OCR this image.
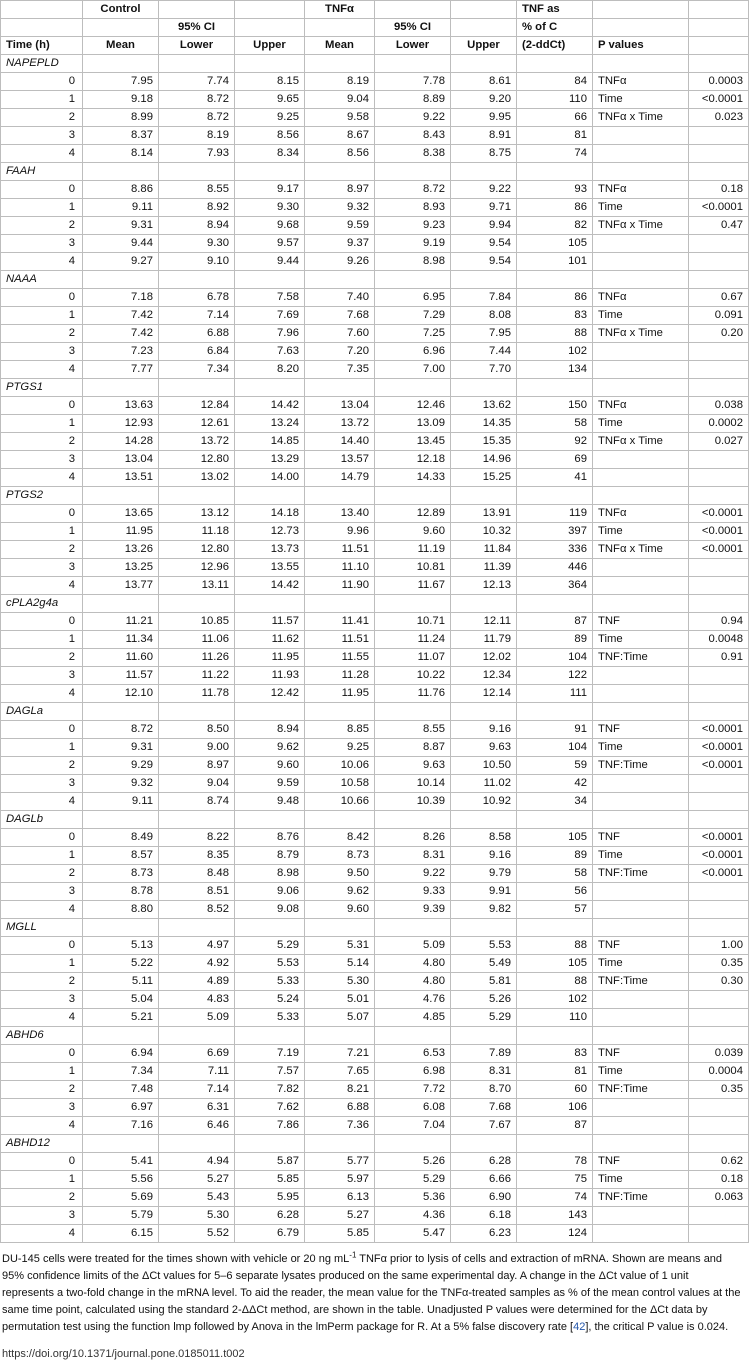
	Control			TNFα			TNF as		
		95% CI			95% CI		% of C		
Time (h)	Mean	Lower	Upper	Mean	Lower	Upper	(2-ddCt)	P values	
NAPEPLD									
0	7.95	7.74	8.15	8.19	7.78	8.61	84	TNFα	0.0003
1	9.18	8.72	9.65	9.04	8.89	9.20	110	Time	<0.0001
2	8.99	8.72	9.25	9.58	9.22	9.95	66	TNFα x Time	0.023
3	8.37	8.19	8.56	8.67	8.43	8.91	81		
4	8.14	7.93	8.34	8.56	8.38	8.75	74		
FAAH									
0	8.86	8.55	9.17	8.97	8.72	9.22	93	TNFα	0.18
1	9.11	8.92	9.30	9.32	8.93	9.71	86	Time	<0.0001
2	9.31	8.94	9.68	9.59	9.23	9.94	82	TNFα x Time	0.47
3	9.44	9.30	9.57	9.37	9.19	9.54	105		
4	9.27	9.10	9.44	9.26	8.98	9.54	101		
NAAA									
0	7.18	6.78	7.58	7.40	6.95	7.84	86	TNFα	0.67
1	7.42	7.14	7.69	7.68	7.29	8.08	83	Time	0.091
2	7.42	6.88	7.96	7.60	7.25	7.95	88	TNFα x Time	0.20
3	7.23	6.84	7.63	7.20	6.96	7.44	102		
4	7.77	7.34	8.20	7.35	7.00	7.70	134		
PTGS1									
0	13.63	12.84	14.42	13.04	12.46	13.62	150	TNFα	0.038
1	12.93	12.61	13.24	13.72	13.09	14.35	58	Time	0.0002
2	14.28	13.72	14.85	14.40	13.45	15.35	92	TNFα x Time	0.027
3	13.04	12.80	13.29	13.57	12.18	14.96	69		
4	13.51	13.02	14.00	14.79	14.33	15.25	41		
PTGS2									
0	13.65	13.12	14.18	13.40	12.89	13.91	119	TNFα	<0.0001
1	11.95	11.18	12.73	9.96	9.60	10.32	397	Time	<0.0001
2	13.26	12.80	13.73	11.51	11.19	11.84	336	TNFα x Time	<0.0001
3	13.25	12.96	13.55	11.10	10.81	11.39	446		
4	13.77	13.11	14.42	11.90	11.67	12.13	364		
cPLA2g4a									
0	11.21	10.85	11.57	11.41	10.71	12.11	87	TNF	0.94
1	11.34	11.06	11.62	11.51	11.24	11.79	89	Time	0.0048
2	11.60	11.26	11.95	11.55	11.07	12.02	104	TNF:Time	0.91
3	11.57	11.22	11.93	11.28	10.22	12.34	122		
4	12.10	11.78	12.42	11.95	11.76	12.14	111		
DAGLa									
0	8.72	8.50	8.94	8.85	8.55	9.16	91	TNF	<0.0001
1	9.31	9.00	9.62	9.25	8.87	9.63	104	Time	<0.0001
2	9.29	8.97	9.60	10.06	9.63	10.50	59	TNF:Time	<0.0001
3	9.32	9.04	9.59	10.58	10.14	11.02	42		
4	9.11	8.74	9.48	10.66	10.39	10.92	34		
DAGLb									
0	8.49	8.22	8.76	8.42	8.26	8.58	105	TNF	<0.0001
1	8.57	8.35	8.79	8.73	8.31	9.16	89	Time	<0.0001
2	8.73	8.48	8.98	9.50	9.22	9.79	58	TNF:Time	<0.0001
3	8.78	8.51	9.06	9.62	9.33	9.91	56		
4	8.80	8.52	9.08	9.60	9.39	9.82	57		
MGLL									
0	5.13	4.97	5.29	5.31	5.09	5.53	88	TNF	1.00
1	5.22	4.92	5.53	5.14	4.80	5.49	105	Time	0.35
2	5.11	4.89	5.33	5.30	4.80	5.81	88	TNF:Time	0.30
3	5.04	4.83	5.24	5.01	4.76	5.26	102		
4	5.21	5.09	5.33	5.07	4.85	5.29	110		
ABHD6									
0	6.94	6.69	7.19	7.21	6.53	7.89	83	TNF	0.039
1	7.34	7.11	7.57	7.65	6.98	8.31	81	Time	0.0004
2	7.48	7.14	7.82	8.21	7.72	8.70	60	TNF:Time	0.35
3	6.97	6.31	7.62	6.88	6.08	7.68	106		
4	7.16	6.46	7.86	7.36	7.04	7.67	87		
ABHD12									
0	5.41	4.94	5.87	5.77	5.26	6.28	78	TNF	0.62
1	5.56	5.27	5.85	5.97	5.29	6.66	75	Time	0.18
2	5.69	5.43	5.95	6.13	5.36	6.90	74	TNF:Time	0.063
3	5.79	5.30	6.28	5.27	4.36	6.18	143		
4	6.15	5.52	6.79	5.85	5.47	6.23	124		
DU-145 cells were treated for the times shown with vehicle or 20 ng $mL^{-1}$ TNFα prior to lysis of cells and extraction of mRNA. Shown are means and 95% confidence limits of the ΔCt values for 5–6 separate lysates produced on the same experimental day. A change in the ΔCt value of 1 unit represents a two-fold change in the mRNA level. To aid the reader, the mean value for the TNFα-treated samples as % of the mean control values at the same time point, calculated using the standard 2-ΔΔCt method, are shown in the table. Unadjusted P values were determined for the ΔCt data by permutation test using the function lmp followed by Anova in the lmPerm package for R. At a 5% false discovery rate [42], the critical P value is 0.024.
https://doi.org/10.1371/journal.pone.0185011.t002
